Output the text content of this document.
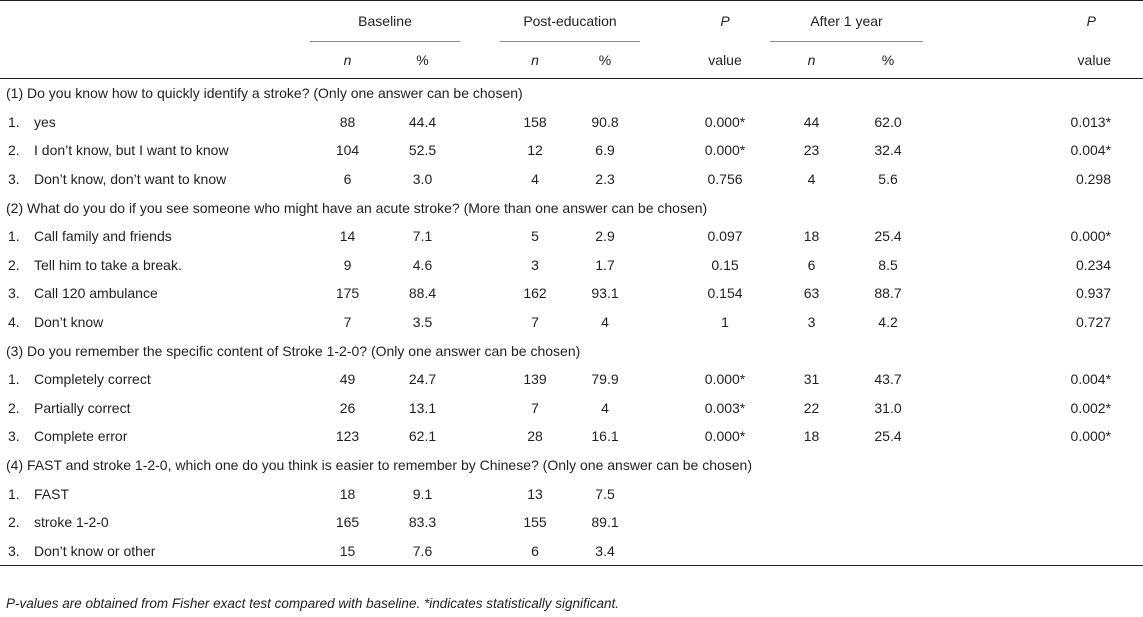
	Baseline			Post-education			P	After 1 year			P
	n	%		n	%		value	n	%		value
(1) Do you know how to quickly identify a stroke? (Only one answer can be chosen)											
1. yes	88	44.4		158	90.8		0.000*	44	62.0		0.013*
2. I don’t know, but I want to know	104	52.5		12	6.9		0.000*	23	32.4		0.004*
3. Don’t know, don’t want to know	6	3.0		4	2.3		0.756	4	5.6		0.298
(2) What do you do if you see someone who might have an acute stroke? (More than one answer can be chosen)											
1. Call family and friends	14	7.1		5	2.9		0.097	18	25.4		0.000*
2. Tell him to take a break.	9	4.6		3	1.7		0.15	6	8.5		0.234
3. Call 120 ambulance	175	88.4		162	93.1		0.154	63	88.7		0.937
4. Don’t know	7	3.5		7	4		1	3	4.2		0.727
(3) Do you remember the specific content of Stroke 1-2-0? (Only one answer can be chosen)											
1. Completely correct	49	24.7		139	79.9		0.000*	31	43.7		0.004*
2. Partially correct	26	13.1		7	4		0.003*	22	31.0		0.002*
3. Complete error	123	62.1		28	16.1		0.000*	18	25.4		0.000*
(4) FAST and stroke 1-2-0, which one do you think is easier to remember by Chinese? (Only one answer can be chosen)											
1. FAST	18	9.1		13	7.5						
2. stroke 1-2-0	165	83.3		155	89.1						
3. Don’t know or other	15	7.6		6	3.4						
P-values are obtained from Fisher exact test compared with baseline. *indicates statistically significant.
